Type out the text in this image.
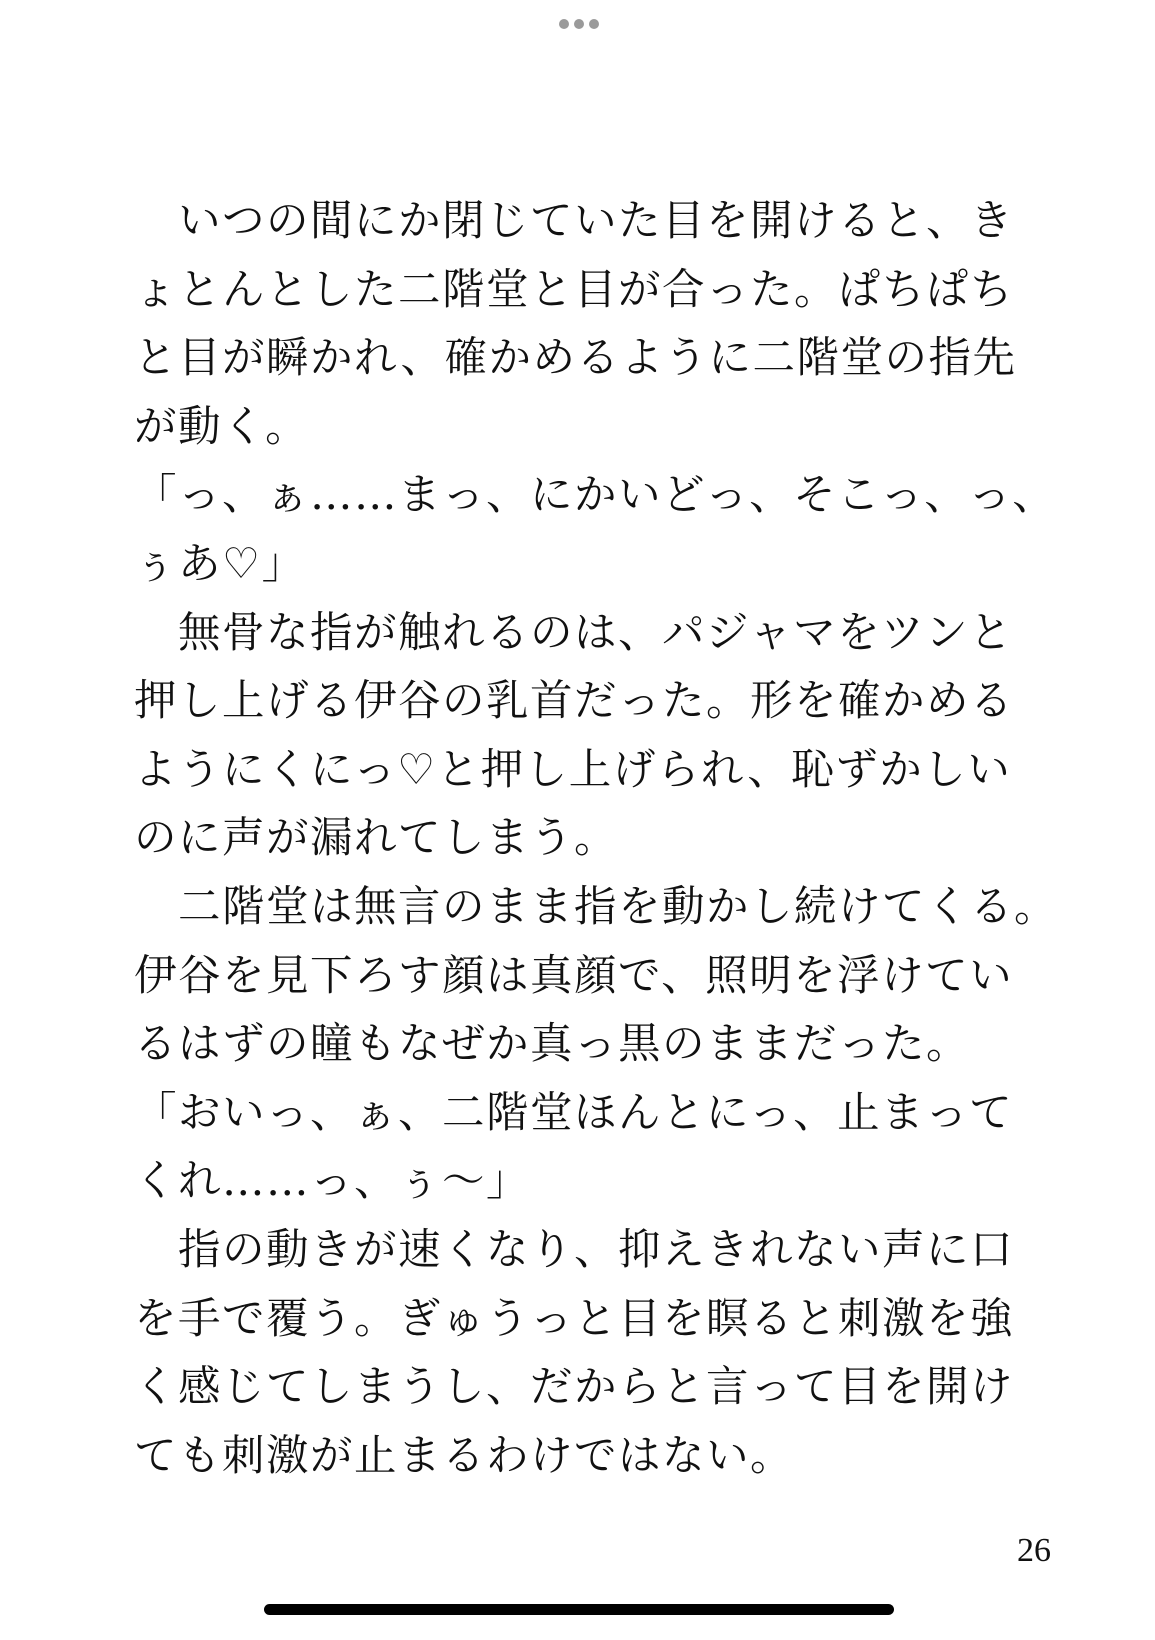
　いつの間にか閉じていた目を開けると、き
ょとんとした二階堂と目が合った。ぱちぱち
と目が瞬かれ、確かめるように二階堂の指先
が動く。
「っ、ぁ……まっ、にかいどっ、そこっ、っ、
ぅあ♡」
　無骨な指が触れるのは、パジャマをツンと
押し上げる伊谷の乳首だった。形を確かめる
ようにくにっ♡と押し上げられ、恥ずかしい
のに声が漏れてしまう。
　二階堂は無言のまま指を動かし続けてくる。
伊谷を見下ろす顔は真顔で、照明を浮けてい
るはずの瞳もなぜか真っ黒のままだった。
「おいっ、ぁ、二階堂ほんとにっ、止まって
くれ……っ、ぅ～」
　指の動きが速くなり、抑えきれない声に口
を手で覆う。ぎゅうっと目を瞑ると刺激を強
く感じてしまうし、だからと言って目を開け
ても刺激が止まるわけではない。
26
